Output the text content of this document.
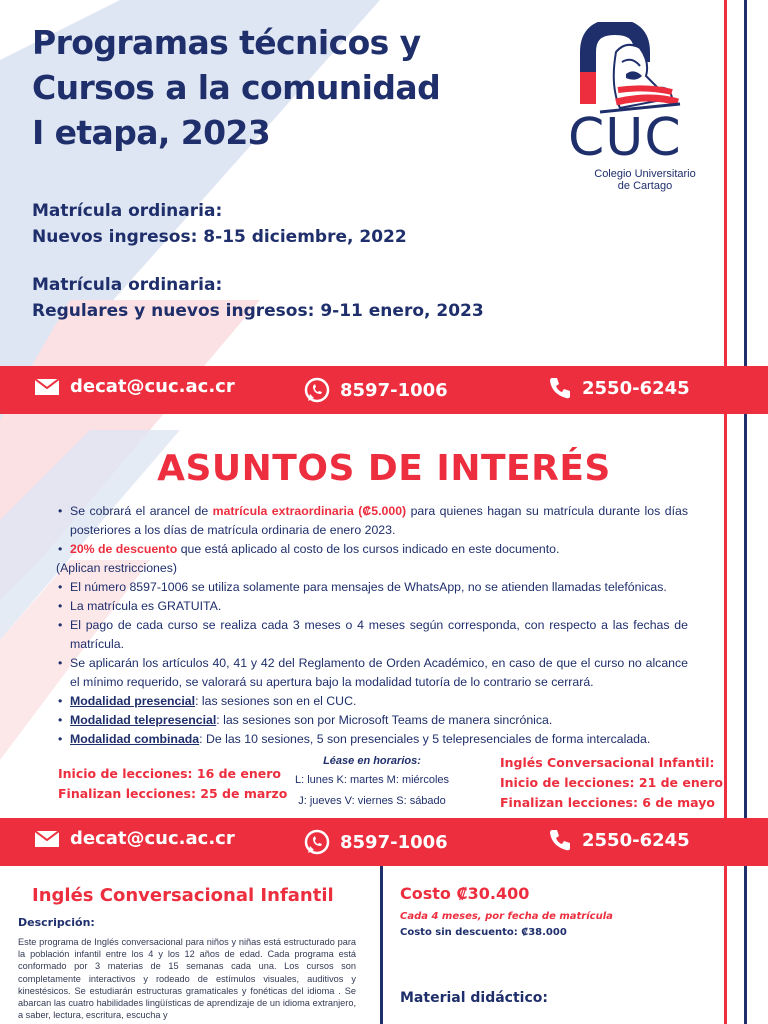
Programas técnicos y
Cursos a la comunidad
I etapa, 2023
Matrícula ordinaria:
Nuevos ingresos: 8-15 diciembre, 2022
Matrícula ordinaria:
Regulares y nuevos ingresos: 9-11 enero, 2023
CUC
Colegio Universitario
de Cartago
decat@cuc.ac.cr	8597-1006	2550-6245
ASUNTOS DE INTERÉS
• Se cobrará el arancel de matrícula extraordinaria (₡5.000) para quienes hagan su matrícula durante los días posteriores a los días de matrícula ordinaria de enero 2023.
• 20% de descuento que está aplicado al costo de los cursos indicado en este documento.
(Aplican restricciones)
• El número 8597-1006 se utiliza solamente para mensajes de WhatsApp, no se atienden llamadas telefónicas.
• La matrícula es GRATUITA.
• El pago de cada curso se realiza cada 3 meses o 4 meses según corresponda, con respecto a las fechas de matrícula.
• Se aplicarán los artículos 40, 41 y 42 del Reglamento de Orden Académico, en caso de que el curso no alcance el mínimo requerido, se valorará su apertura bajo la modalidad tutoría de lo contrario se cerrará.
• Modalidad presencial: las sesiones son en el CUC.
• Modalidad telepresencial: las sesiones son por Microsoft Teams de manera sincrónica.
• Modalidad combinada: De las 10 sesiones, 5 son presenciales y 5 telepresenciales de forma intercalada.
Inicio de lecciones: 16 de enero
Finalizan lecciones: 25 de marzo
Léase en horarios:
L: lunes K: martes M: miércoles
J: jueves V: viernes S: sábado
Inglés Conversacional Infantil:
Inicio de lecciones: 21 de enero
Finalizan lecciones: 6 de mayo
decat@cuc.ac.cr	8597-1006	2550-6245
Inglés Conversacional Infantil
Descripción:
Este programa de Inglés conversacional para niños y niñas está estructurado para la población infantil entre los 4 y los 12 años de edad. Cada programa está conformado por 3 materias de 15 semanas cada una. Los cursos son completamente interactivos y rodeado de estímulos visuales, auditivos y kinestésicos. Se estudiarán estructuras gramaticales y fonéticas del idioma . Se abarcan las cuatro habilidades lingüísticas de aprendizaje de un idioma extranjero, a saber, lectura, escritura, escucha y
Costo ₡30.400
Cada 4 meses, por fecha de matrícula
Costo sin descuento: ₡38.000
Material didáctico:
